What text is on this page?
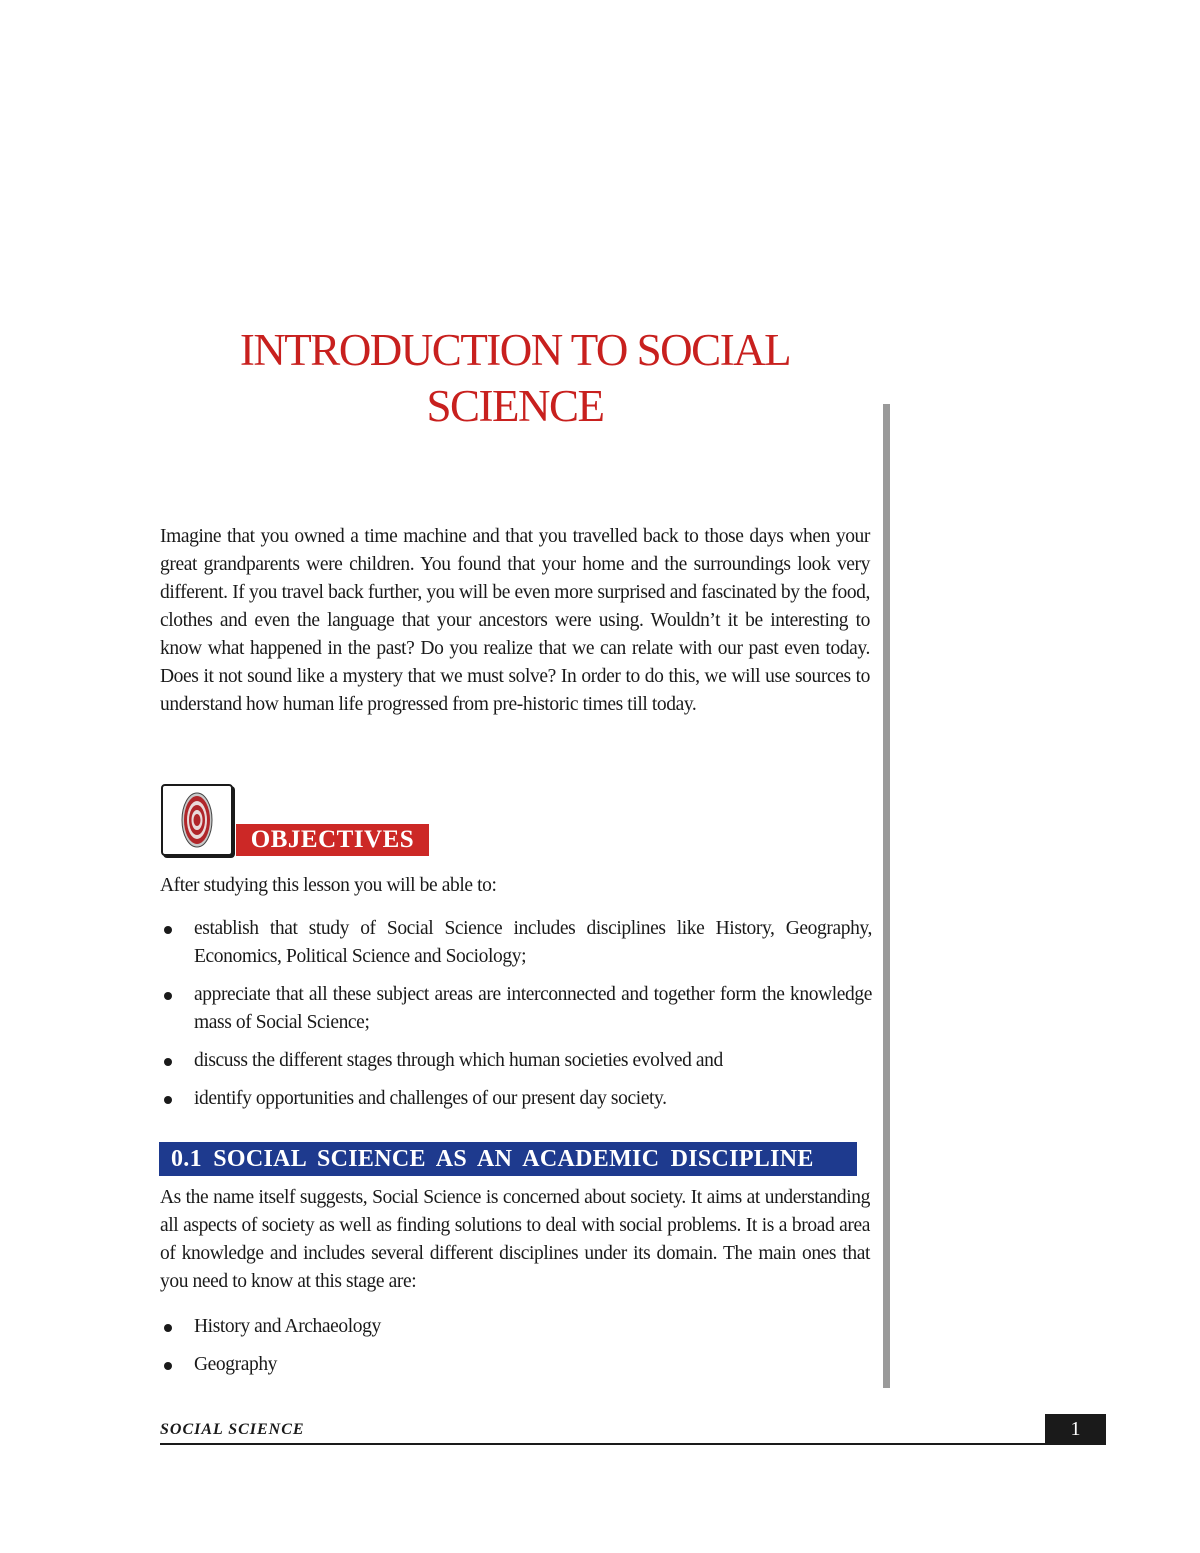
INTRODUCTION TO SOCIAL
SCIENCE

Imagine that you owned a time machine and that you travelled back to those days when your great grandparents were children. You found that your home and the surroundings look very different. If you travel back further, you will be even more surprised and fascinated by the food, clothes and even the language that your ancestors were using. Wouldn’t it be interesting to know what happened in the past? Do you realize that we can relate with our past even today. Does it not sound like a mystery that we must solve? In order to do this, we will use sources to understand how human life progressed from pre-historic times till today.

OBJECTIVES

After studying this lesson you will be able to:

establish that study of Social Science includes disciplines like History, Geography, Economics, Political Science and Sociology;
appreciate that all these subject areas are interconnected and together form the knowledge mass of Social Science;
discuss the different stages through which human societies evolved and
identify opportunities and challenges of our present day society.
0.1 SOCIAL SCIENCE AS AN ACADEMIC DISCIPLINE

As the name itself suggests, Social Science is concerned about society. It aims at understanding all aspects of society as well as finding solutions to deal with social problems. It is a broad area of knowledge and includes several different disciplines under its domain. The main ones that you need to know at this stage are:

History and Archaeology
Geography
SOCIAL SCIENCE	1
